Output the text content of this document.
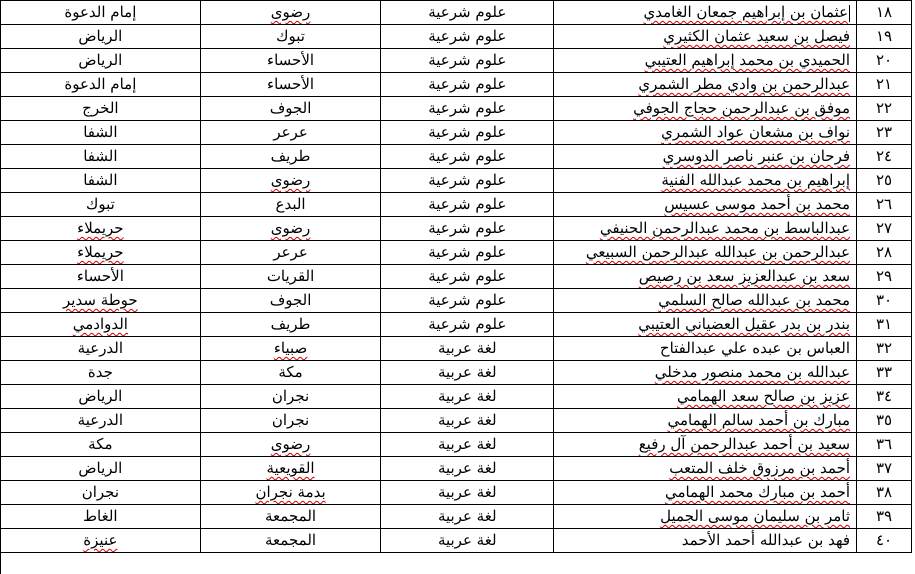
١٨	عثمان بن إبراهيم جمعان الغامدي	علوم شرعية	رضوى	إمام الدعوة
١٩	فيصل بن سعيد عثمان الكثيري	علوم شرعية	تبوك	الرياض
٢٠	الحميدي بن محمد إبراهيم العتيبي	علوم شرعية	الأحساء	الرياض
٢١	عبدالرحمن بن وادي مطر الشمري	علوم شرعية	الأحساء	إمام الدعوة
٢٢	موفق بن عبدالرحمن حجاج الجوفي	علوم شرعية	الجوف	الخرج
٢٣	نواف بن مشعان عواد الشمري	علوم شرعية	عرعر	الشفا
٢٤	فرحان بن عنبر ناصر الدوسري	علوم شرعية	طريف	الشفا
٢٥	إبراهيم بن محمد عبدالله الفنية	علوم شرعية	رضوى	الشفا
٢٦	محمد بن أحمد موسى عسيس	علوم شرعية	البدع	تبوك
٢٧	عبدالباسط بن محمد عبدالرحمن الحنيفي	علوم شرعية	رضوى	حريملاء
٢٨	عبدالرحمن بن عبدالله عبدالرحمن السبيعي	علوم شرعية	عرعر	حريملاء
٢٩	سعد بن عبدالعزيز سعد بن رصيص	علوم شرعية	القريات	الأحساء
٣٠	محمد بن عبدالله صالح السلمي	علوم شرعية	الجوف	حوطة سدير
٣١	بندر بن بدر عقيل العضياني العتيبي	علوم شرعية	طريف	الدوادمي
٣٢	العباس بن عبده علي عبدالفتاح	لغة عربية	صبياء	الدرعية
٣٣	عبدالله بن محمد منصور مدخلي	لغة عربية	مكة	جدة
٣٤	عزيز بن صالح سعد الهمامي	لغة عربية	نجران	الرياض
٣٥	مبارك بن أحمد سالم الهمامي	لغة عربية	نجران	الدرعية
٣٦	سعيد بن أحمد عبدالرحمن آل رفيع	لغة عربية	رضوى	مكة
٣٧	أحمد بن مرزوق خلف المتعب	لغة عربية	القويعية	الرياض
٣٨	أحمد بن مبارك محمد الهمامي	لغة عربية	بدمة نجران	نجران
٣٩	ثامر بن سليمان موسى الجميل	لغة عربية	المجمعة	الغاط
٤٠	فهد بن عبدالله أحمد الأحمد	لغة عربية	المجمعة	عنيزة
